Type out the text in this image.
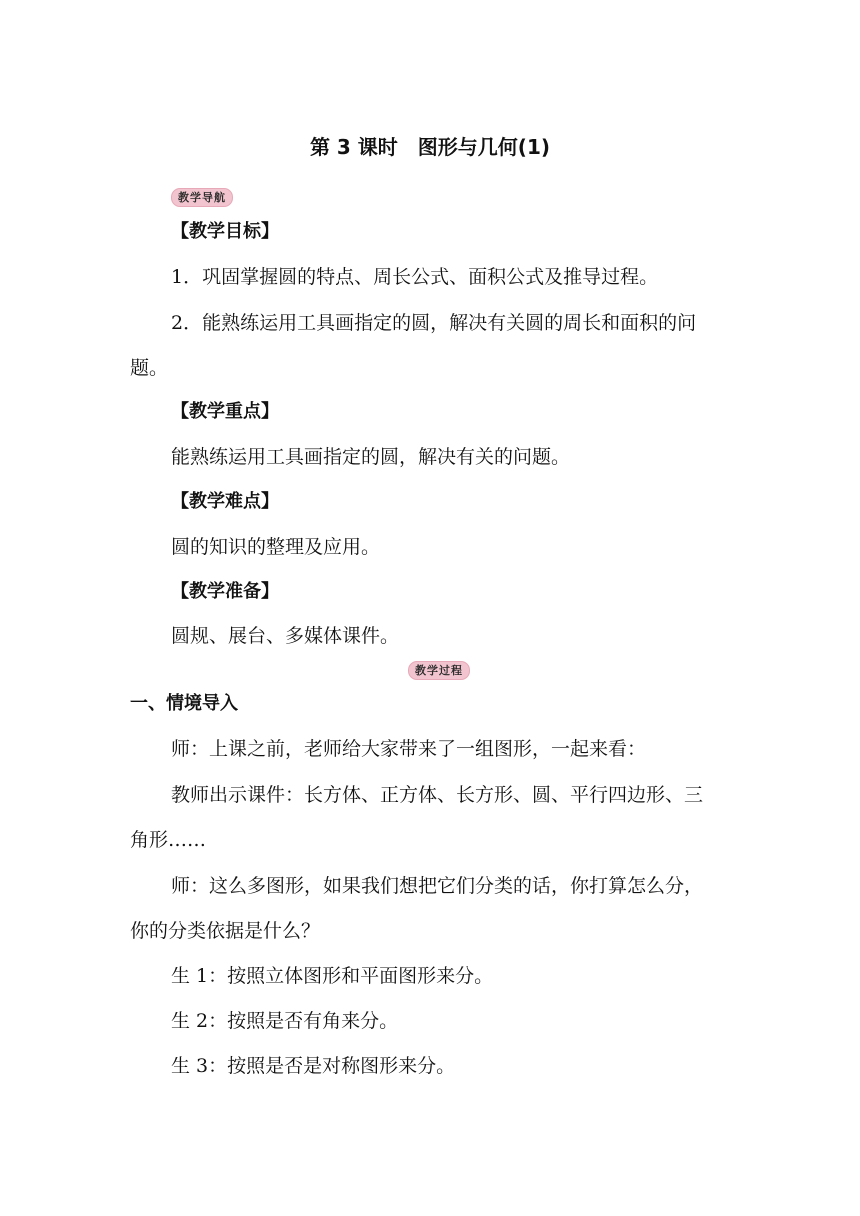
第 3 课时　图形与几何(1)
教学导航
【教学目标】
1．巩固掌握圆的特点、周长公式、面积公式及推导过程。
2．能熟练运用工具画指定的圆，解决有关圆的周长和面积的问
题。
【教学重点】
能熟练运用工具画指定的圆，解决有关的问题。
【教学难点】
圆的知识的整理及应用。
【教学准备】
圆规、展台、多媒体课件。
教学过程
一、情境导入
师：上课之前，老师给大家带来了一组图形，一起来看：
教师出示课件：长方体、正方体、长方形、圆、平行四边形、三
角形……
师：这么多图形，如果我们想把它们分类的话，你打算怎么分，
你的分类依据是什么？
生 1：按照立体图形和平面图形来分。
生 2：按照是否有角来分。
生 3：按照是否是对称图形来分。
